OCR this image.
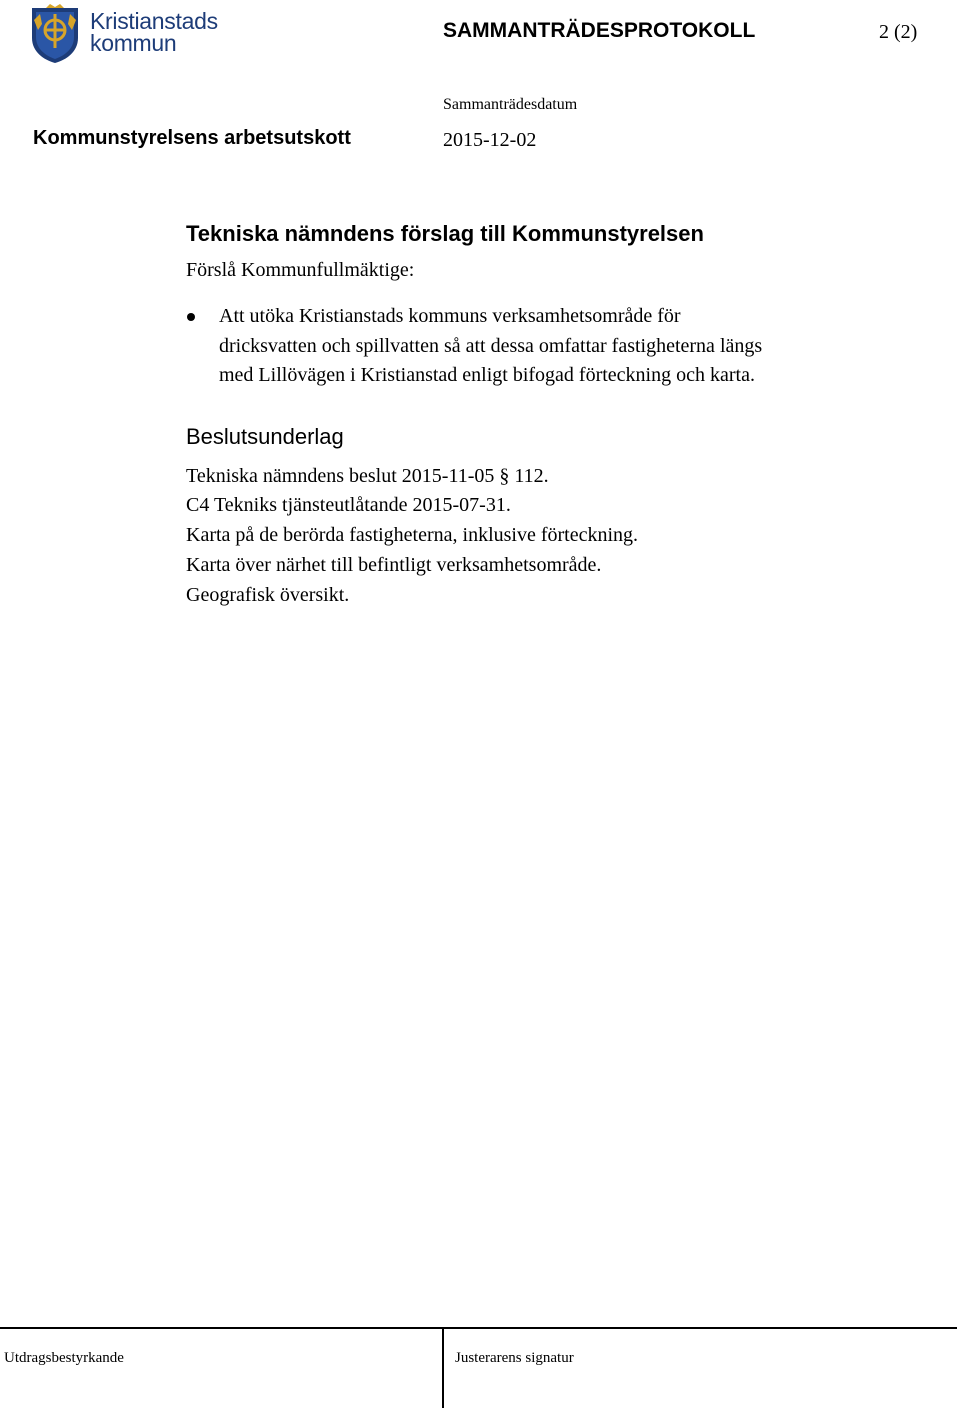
Kristianstads
kommun	SAMMANTRÄDESPROTOKOLL	2 (2)
Sammanträdesdatum
Kommunstyrelsens arbetsutskott	2015-12-02
Tekniska nämndens förslag till Kommunstyrelsen
Förslå Kommunfullmäktige:
Att utöka Kristianstads kommuns verksamhetsområde för
dricksvatten och spillvatten så att dessa omfattar fastigheterna längs
med Lillövägen i Kristianstad enligt bifogad förteckning och karta.
Beslutsunderlag
Tekniska nämndens beslut 2015-11-05 § 112.
C4 Tekniks tjänsteutlåtande 2015-07-31.
Karta på de berörda fastigheterna, inklusive förteckning.
Karta över närhet till befintligt verksamhetsområde.
Geografisk översikt.
Utdragsbestyrkande	Justerarens signatur
